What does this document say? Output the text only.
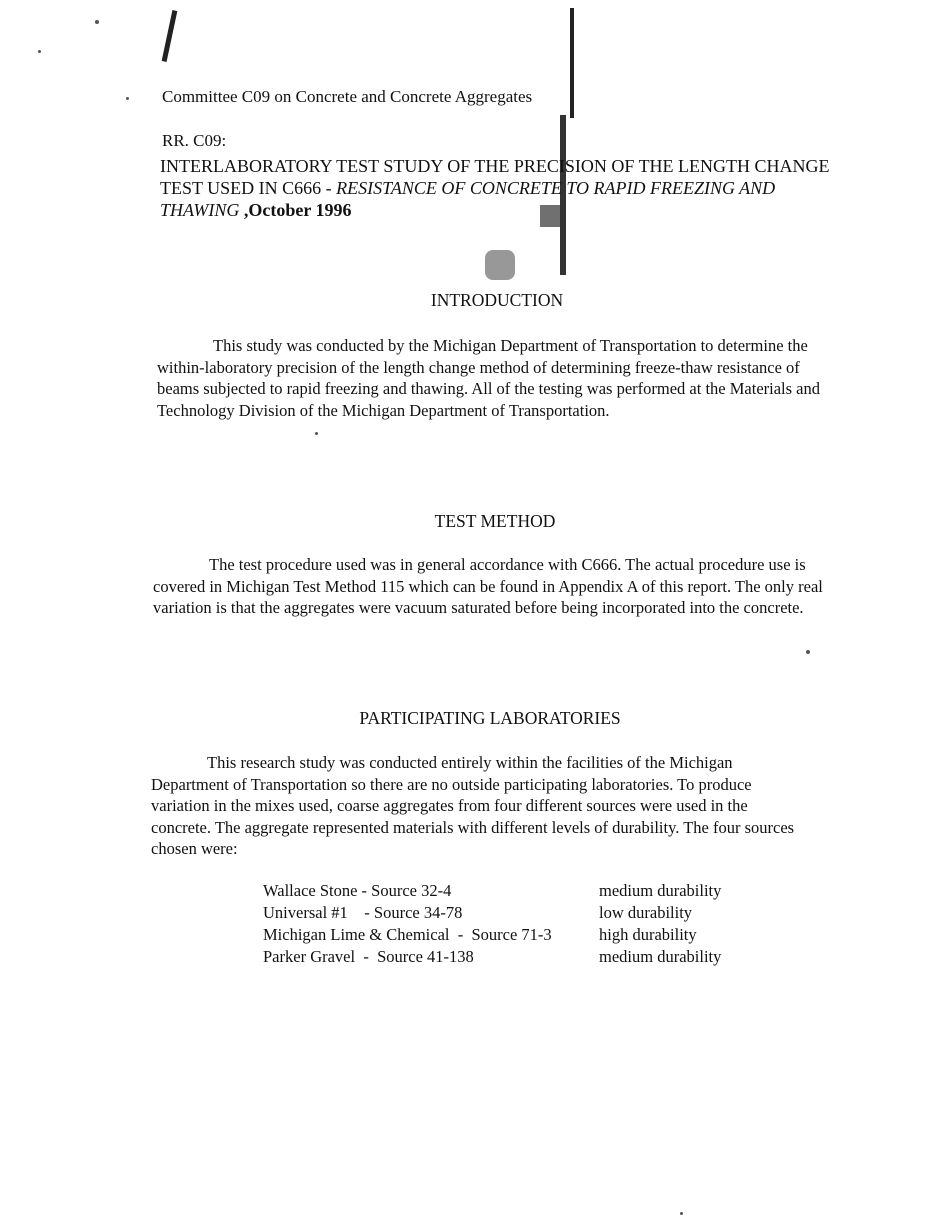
Committee C09 on Concrete and Concrete Aggregates

RR. C09:

INTERLABORATORY TEST STUDY OF THE PRECISION OF THE LENGTH CHANGE TEST USED IN C666 - RESISTANCE OF CONCRETE TO RAPID FREEZING AND THAWING ,October 1996

INTRODUCTION

This study was conducted by the Michigan Department of Transportation to determine the within-laboratory precision of the length change method of determining freeze-thaw resistance of beams subjected to rapid freezing and thawing. All of the testing was performed at the Materials and Technology Division of the Michigan Department of Transportation.

TEST METHOD

The test procedure used was in general accordance with C666. The actual procedure use is covered in Michigan Test Method 115 which can be found in Appendix A of this report. The only real variation is that the aggregates were vacuum saturated before being incorporated into the concrete.

PARTICIPATING LABORATORIES

This research study was conducted entirely within the facilities of the Michigan Department of Transportation so there are no outside participating laboratories. To produce variation in the mixes used, coarse aggregates from four different sources were used in the concrete. The aggregate represented materials with different levels of durability. The four sources chosen were:

Wallace Stone - Source 32-4	medium durability
Universal #1    - Source 34-78	low durability
Michigan Lime & Chemical  -  Source 71-3	high durability
Parker Gravel  -  Source 41-138	medium durability
